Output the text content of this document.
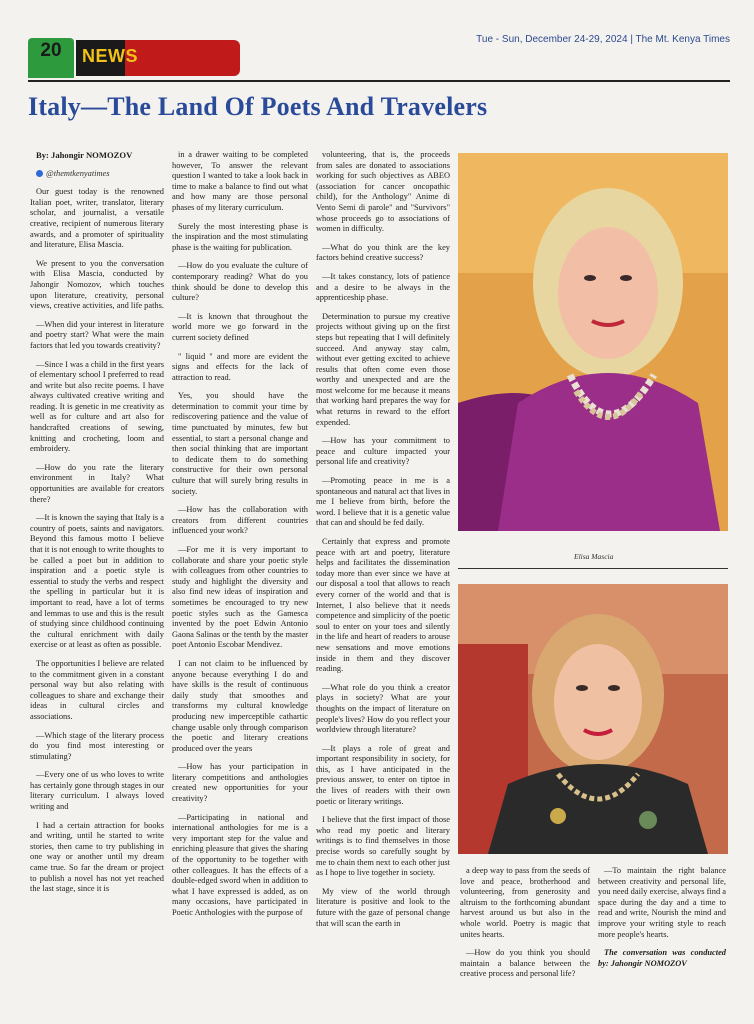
20	NEWS
Tue - Sun, December 24-29, 2024 | The Mt. Kenya Times
Italy—The Land Of Poets And Travelers

By: Jahongir NOMOZOV

@themtkenyatimes

Our guest today is the renowned Italian poet, writer, translator, literary scholar, and journalist, a versatile creative, recipient of numerous literary awards, and a promoter of spirituality and literature, Elisa Mascia.

We present to you the conversation with Elisa Mascia, conducted by Jahongir Nomozov, which touches upon literature, creativity, personal views, creative activities, and life paths.

—When did your interest in literature and poetry start? What were the main factors that led you towards creativity?

—Since I was a child in the first years of elementary school I preferred to read and write but also recite poems. I have always cultivated creative writing and reading. It is genetic in me creativity as well as for culture and art also for handcrafted creations of sewing, knitting and crocheting, loom and embroidery.

—How do you rate the literary environment in Italy? What opportunities are available for creators there?

—It is known the saying that Italy is a country of poets, saints and navigators. Beyond this famous motto I believe that it is not enough to write thoughts to be called a poet but in addition to inspiration and a poetic style is essential to study the verbs and respect the spelling in particular but it is important to read, have a lot of terms and lemmas to use and this is the result of studying since childhood continuing the cultural enrichment with daily exercise or at least as often as possible.

The opportunities I believe are related to the commitment given in a constant personal way but also relating with colleagues to share and exchange their ideas in cultural circles and associations.

—Which stage of the literary process do you find most interesting or stimulating?

—Every one of us who loves to write has certainly gone through stages in our literary curriculum. I always loved writing and

I had a certain attraction for books and writing, until he started to write stories, then came to try publishing in one way or another until my dream came true. So far the dream or project to publish a novel has not yet reached the last stage, since it is

in a drawer waiting to be completed however, To answer the relevant question I wanted to take a look back in time to make a balance to find out what and how many are those personal phases of my literary curriculum.

Surely the most interesting phase is the inspiration and the most stimulating phase is the waiting for publication.

—How do you evaluate the culture of contemporary reading? What do you think should be done to develop this culture?

—It is known that throughout the world more we go forward in the current society defined

" liquid " and more are evident the signs and effects for the lack of attraction to read.

Yes, you should have the determination to commit your time by rediscovering patience and the value of time punctuated by minutes, few but essential, to start a personal change and then social thinking that are important to dedicate them to do something constructive for their own personal culture that will surely bring results in society.

—How has the collaboration with creators from different countries influenced your work?

—For me it is very important to collaborate and share your poetic style with colleagues from other countries to study and highlight the diversity and also find new ideas of inspiration and sometimes be encouraged to try new poetic styles such as the Gamesca invented by the poet Edwin Antonio Gaona Salinas or the tenth by the master poet Antonio Escobar Mendivez.

I can not claim to be influenced by anyone because everything I do and have skills is the result of continuous daily study that smoothes and transforms my cultural knowledge producing new imperceptible cathartic change usable only through comparison the poetic and literary creations produced over the years

—How has your participation in literary competitions and anthologies created new opportunities for your creativity?

—Participating in national and international anthologies for me is a very important step for the value and enriching pleasure that gives the sharing of the opportunity to be together with other colleagues. It has the effects of a double-edged sword when in addition to what I have expressed is added, as on many occasions, have participated in Poetic Anthologies with the purpose of

volunteering, that is, the proceeds from sales are donated to associations working for such objectives as ABEO (association for cancer oncopathic child), for the Anthology" Anime di Vento Semi di parole" and "Survivors" whose proceeds go to associations of women in difficulty.

—What do you think are the key factors behind creative success?

—It takes constancy, lots of patience and a desire to be always in the apprenticeship phase.

Determination to pursue my creative projects without giving up on the first steps but repeating that I will definitely succeed. And anyway stay calm, without ever getting excited to achieve results that often come even those worthy and unexpected and are the most welcome for me because it means that working hard prepares the way for what returns in reward to the effort expended.

—How has your commitment to peace and culture impacted your personal life and creativity?

—Promoting peace in me is a spontaneous and natural act that lives in me I believe from birth, before the word. I believe that it is a genetic value that can and should be fed daily.

Certainly that express and promote peace with art and poetry, literature helps and facilitates the dissemination today more than ever since we have at our disposal a tool that allows to reach every corner of the world and that is Internet, I also believe that it needs competence and simplicity of the poetic soul to enter on your toes and silently in the life and heart of readers to arouse new sensations and move emotions inside in them and they discover reading.

—What role do you think a creator plays in society? What are your thoughts on the impact of literature on people's lives? How do you reflect your worldview through literature?

—It plays a role of great and important responsibility in society, for this, as I have anticipated in the previous answer, to enter on tiptoe in the lives of readers with their own poetic or literary writings.

I believe that the first impact of those who read my poetic and literary writings is to find themselves in those precise words so carefully sought by me to chain them next to each other just as I hope to live together in society.

My view of the world through literature is positive and look to the future with the gaze of personal change that will scan the earth in

Elisa Mascia

a deep way to pass from the seeds of love and peace, brotherhood and volunteering, from generosity and altruism to the forthcoming abundant harvest around us but also in the whole world. Poetry is magic that unites hearts.

—How do you think you should maintain a balance between the creative process and personal life?

—To maintain the right balance between creativity and personal life, you need daily exercise, always find a space during the day and a time to read and write, Nourish the mind and improve your writing style to reach more people's hearts.

The conversation was conducted by: Jahongir NOMOZOV
